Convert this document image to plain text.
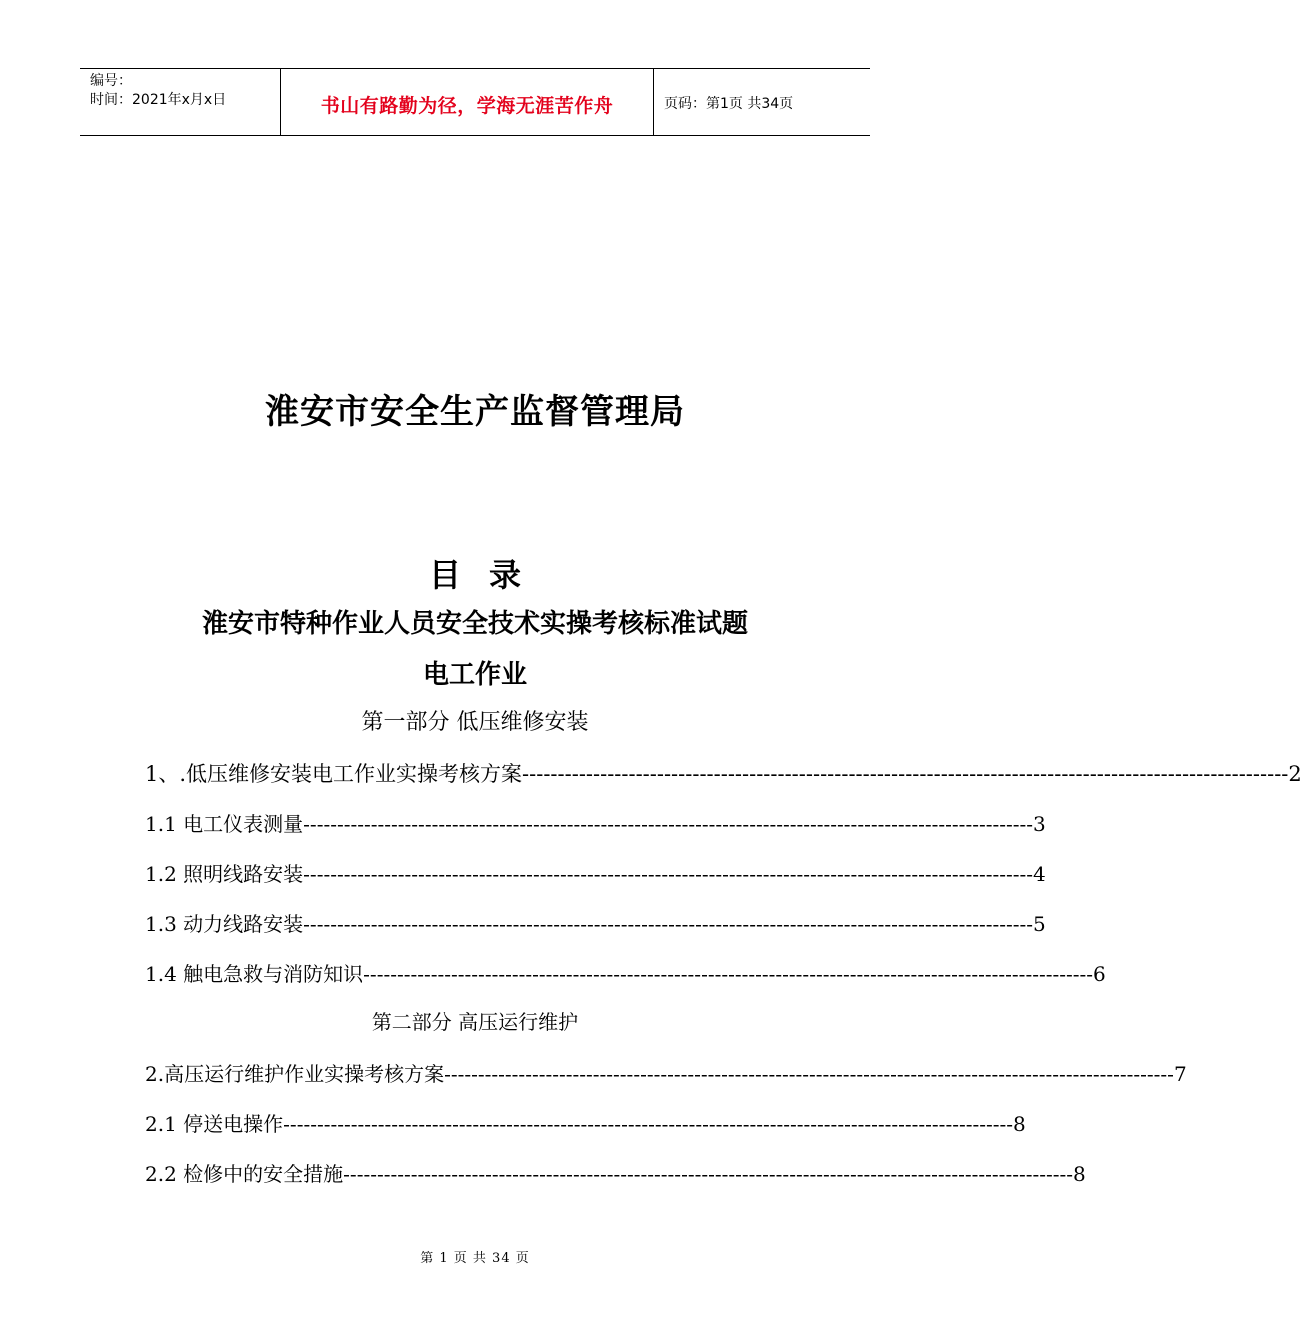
编号：
时间：2021年x月x日	书山有路勤为径，学海无涯苦作舟	页码：第1页 共34页
淮安市安全生产监督管理局
目录
淮安市特种作业人员安全技术实操考核标准试题
电工作业
第一部分 低压维修安装
1、.低压维修安装电工作业实操考核方案 ------------------------------------------------------------------------------------------------------------ 2
1.1 电工仪表测量 ------------------------------------------------------------------------------------------------------------ 3
1.2 照明线路安装 ------------------------------------------------------------------------------------------------------------ 4
1.3 动力线路安装 ------------------------------------------------------------------------------------------------------------ 5
1.4 触电急救与消防知识 ------------------------------------------------------------------------------------------------------------ 6
第二部分 高压运行维护
2.高压运行维护作业实操考核方案 ------------------------------------------------------------------------------------------------------------ 7
2.1 停送电操作 ------------------------------------------------------------------------------------------------------------ 8
2.2 检修中的安全措施 ------------------------------------------------------------------------------------------------------------ 8
第 1 页 共 34 页
